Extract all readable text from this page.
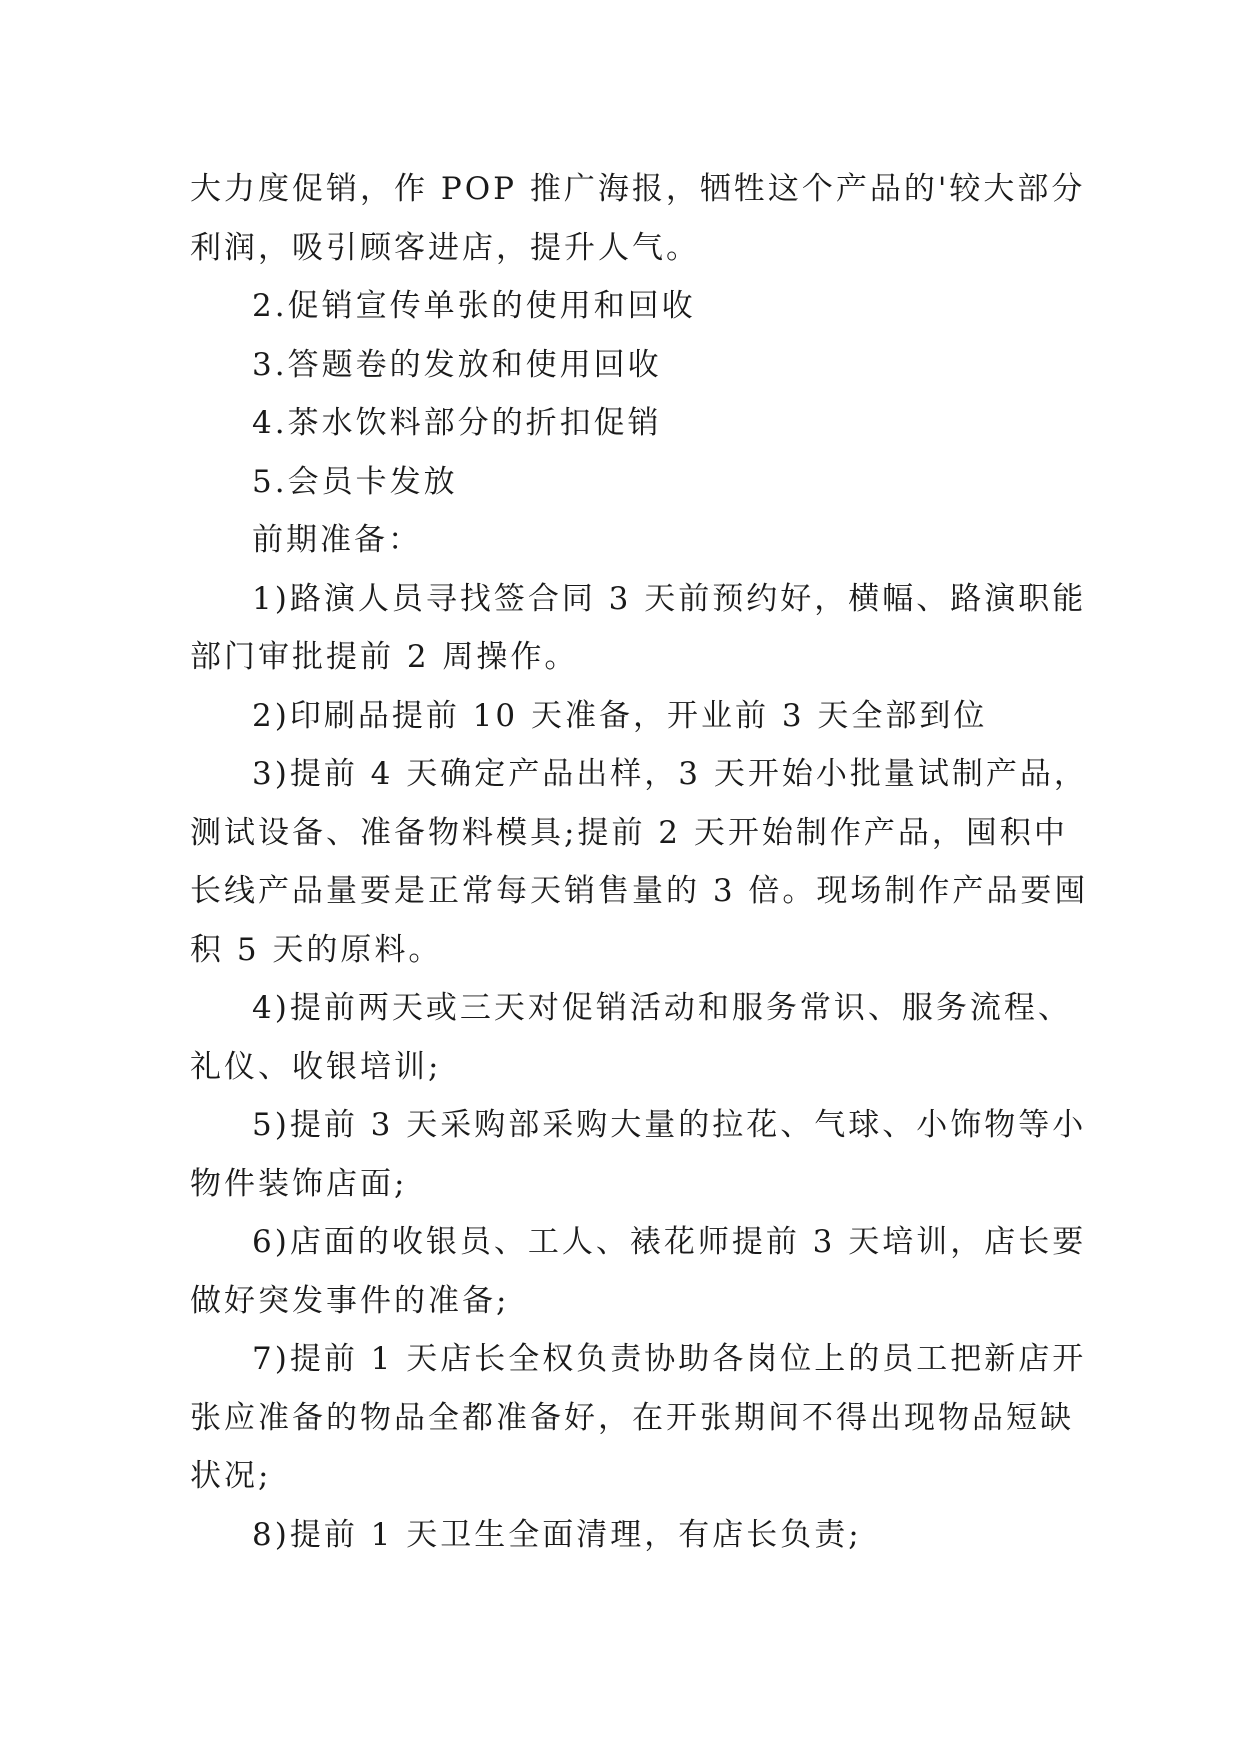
大力度促销，作 POP 推广海报，牺牲这个产品的'较大部分
利润，吸引顾客进店，提升人气。
2.促销宣传单张的使用和回收
3.答题卷的发放和使用回收
4.茶水饮料部分的折扣促销
5.会员卡发放
前期准备：
1)路演人员寻找签合同 3 天前预约好，横幅、路演职能
部门审批提前 2 周操作。
2)印刷品提前 10 天准备，开业前 3 天全部到位
3)提前 4 天确定产品出样，3 天开始小批量试制产品，
测试设备、准备物料模具;提前 2 天开始制作产品，囤积中
长线产品量要是正常每天销售量的 3 倍。现场制作产品要囤
积 5 天的原料。
4)提前两天或三天对促销活动和服务常识、服务流程、
礼仪、收银培训;
5)提前 3 天采购部采购大量的拉花、气球、小饰物等小
物件装饰店面;
6)店面的收银员、工人、裱花师提前 3 天培训，店长要
做好突发事件的准备;
7)提前 1 天店长全权负责协助各岗位上的员工把新店开
张应准备的物品全都准备好，在开张期间不得出现物品短缺
状况;
8)提前 1 天卫生全面清理，有店长负责;
